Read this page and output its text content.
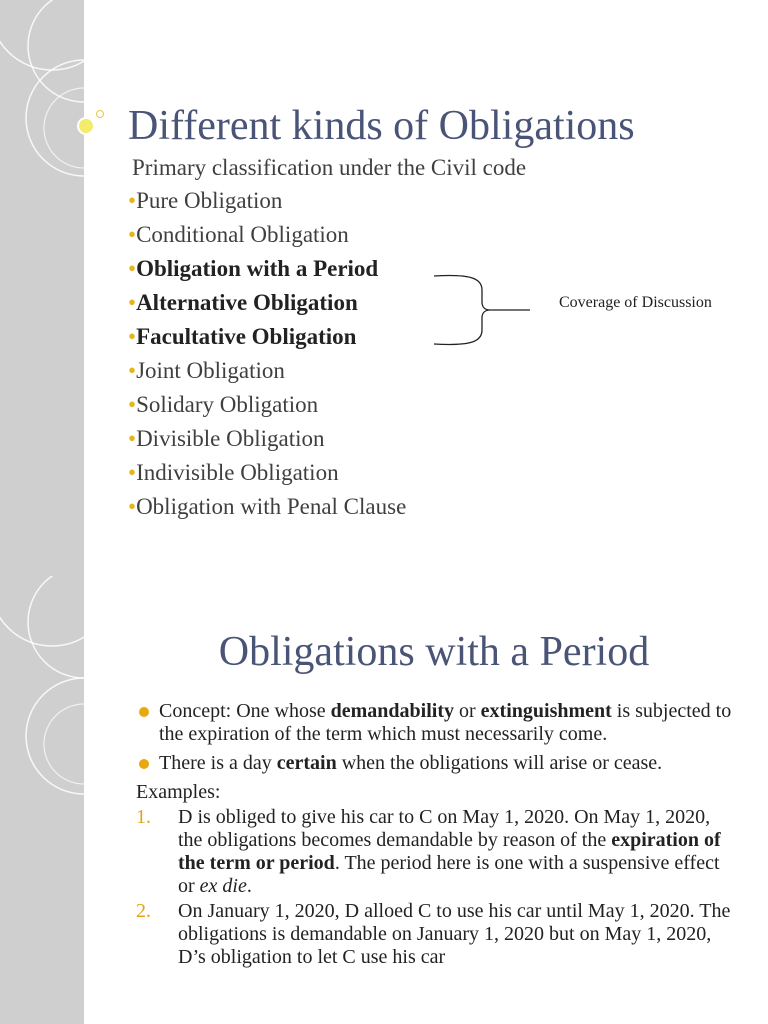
Different kinds of Obligations
Primary classification under the Civil code
•Pure Obligation
•Conditional Obligation
•Obligation with a Period
•Alternative Obligation
•Facultative Obligation
•Joint Obligation
•Solidary Obligation
•Divisible Obligation
•Indivisible Obligation
•Obligation with Penal Clause
Coverage of Discussion
Obligations with a Period
Concept: One whose demandability or extinguishment is subjected to the expiration of the term which must necessarily come.
There is a day certain when the obligations will arise or cease.
Examples:
1. D is obliged to give his car to C on May 1, 2020. On May 1, 2020, the obligations becomes demandable by reason of the expiration of the term or period. The period here is one with a suspensive effect or ex die.
2. On January 1, 2020, D alloed C to use his car until May 1, 2020. The obligations is demandable on January 1, 2020 but on May 1, 2020, D’s obligation to let C use his car
